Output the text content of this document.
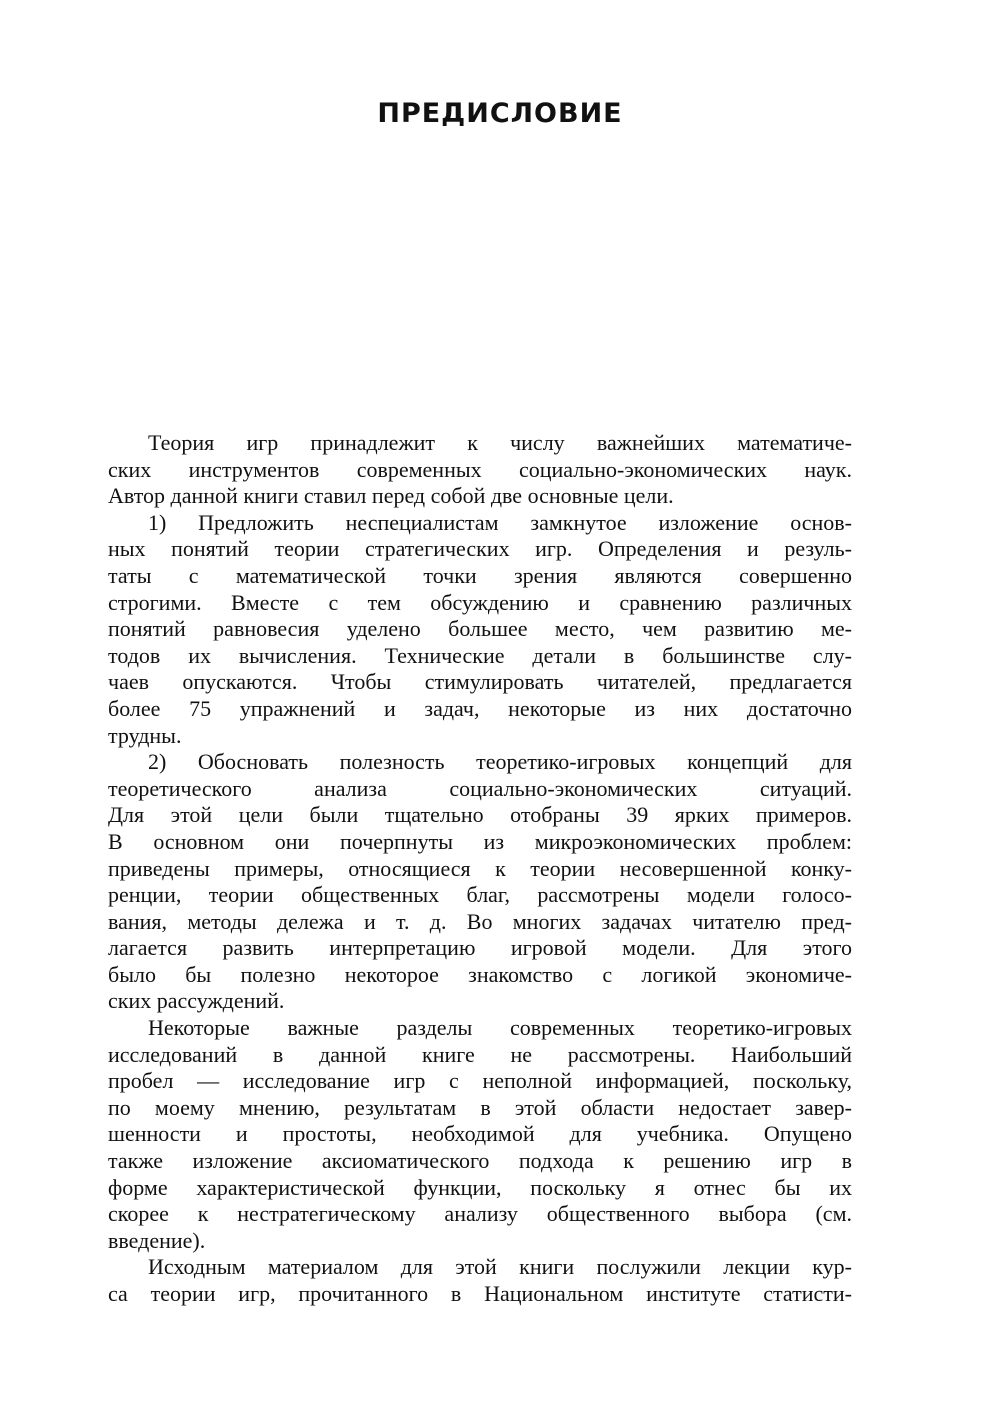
ПРЕДИСЛОВИЕ
Теория игр принадлежит к числу важнейших математиче-
ских инструментов современных социально-экономических наук.
Автор данной книги ставил перед собой две основные цели.
1) Предложить неспециалистам замкнутое изложение основ-
ных понятий теории стратегических игр. Определения и резуль-
таты с математической точки зрения являются совершенно
строгими. Вместе с тем обсуждению и сравнению различных
понятий равновесия уделено большее место, чем развитию ме-
тодов их вычисления. Технические детали в большинстве слу-
чаев опускаются. Чтобы стимулировать читателей, предлагается
более 75 упражнений и задач, некоторые из них достаточно
трудны.
2) Обосновать полезность теоретико-игровых концепций для
теоретического анализа социально-экономических ситуаций.
Для этой цели были тщательно отобраны 39 ярких примеров.
В основном они почерпнуты из микроэкономических проблем:
приведены примеры, относящиеся к теории несовершенной конку-
ренции, теории общественных благ, рассмотрены модели голосо-
вания, методы дележа и т. д. Во многих задачах читателю пред-
лагается развить интерпретацию игровой модели. Для этого
было бы полезно некоторое знакомство с логикой экономиче-
ских рассуждений.
Некоторые важные разделы современных теоретико-игровых
исследований в данной книге не рассмотрены. Наибольший
пробел — исследование игр с неполной информацией, поскольку,
по моему мнению, результатам в этой области недостает завер-
шенности и простоты, необходимой для учебника. Опущено
также изложение аксиоматического подхода к решению игр в
форме характеристической функции, поскольку я отнес бы их
скорее к нестратегическому анализу общественного выбора (см.
введение).
Исходным материалом для этой книги послужили лекции кур-
са теории игр, прочитанного в Национальном институте статисти-
